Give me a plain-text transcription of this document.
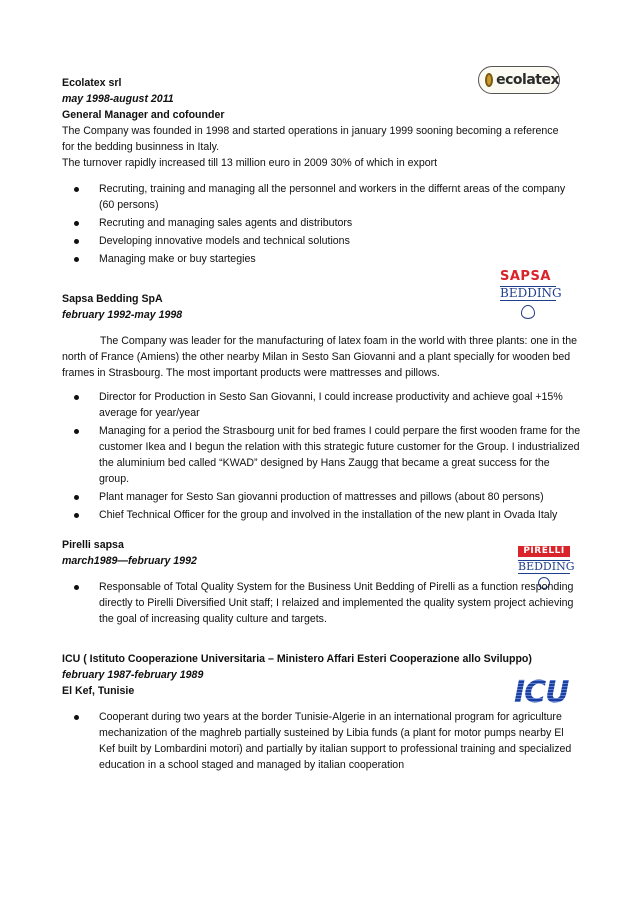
ecolatex
Ecolatex srl
may 1998-august 2011
General Manager and cofounder
The Company was founded in 1998 and started operations in january 1999 sooning becoming a reference
for the bedding businness in Italy.
The turnover rapidly increased till 13 million euro in 2009 30% of which in export
Recruting, training and managing all the personnel and workers in the differnt areas of the company (60 persons)
Recruting and managing sales agents and distributors
Developing innovative models and technical solutions
Managing make or buy startegies
SAPSA
BEDDING
Sapsa Bedding SpA
february 1992-may 1998
The Company was leader for the manufacturing of latex foam in the world with three plants: one in the north of France (Amiens) the other nearby Milan in Sesto San Giovanni and a plant specially for wooden bed frames in Strasbourg. The most important products were mattresses and pillows.
Director for Production in Sesto San Giovanni, I could increase productivity and achieve goal +15% average for year/year
Managing for a period the Strasbourg unit for bed frames I could perpare the first wooden frame for the customer Ikea and I begun the relation with this strategic future customer for the Group. I industrialized the aluminium bed called “KWAD” designed by Hans Zaugg that became a great success for the group.
Plant manager for Sesto San giovanni production of mattresses and pillows (about 80 persons)
Chief Technical Officer for the group and involved in the installation of the new plant in Ovada Italy
PIRELLI
BEDDING
Pirelli sapsa
march1989—february 1992
Responsable of Total Quality System for the Business Unit Bedding of Pirelli as a function responding directly to Pirelli Diversified Unit staff; I relaized and implemented the quality system project achieving the goal of increasing quality culture and targets.
ICU
ICU ( Istituto Cooperazione Universitaria – Ministero Affari Esteri Cooperazione allo Sviluppo)
february 1987-february 1989
El Kef, Tunisie
Cooperant during two years at the border Tunisie-Algerie in an international program for agriculture mechanization of the maghreb partially susteined by Libia funds (a plant for motor pumps nearby El Kef built by Lombardini motori) and partially by italian support to professional training and specialized education in a school staged and managed by italian cooperation
